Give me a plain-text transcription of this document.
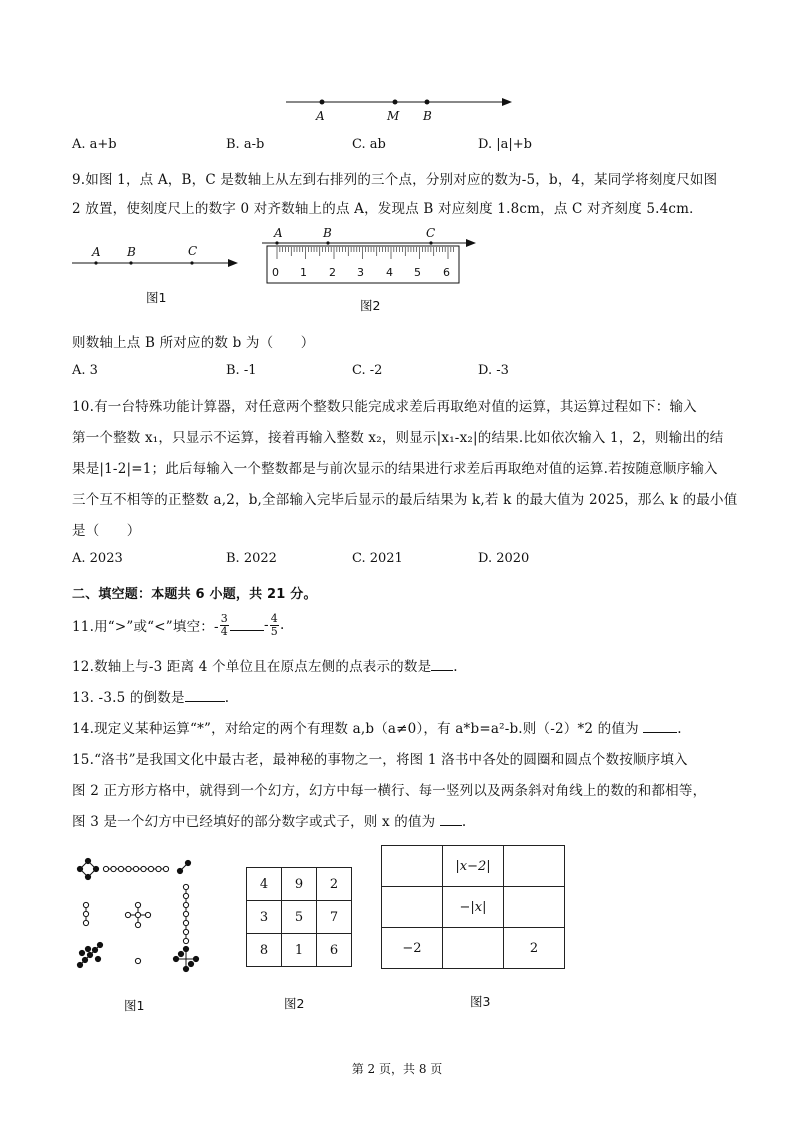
A	M B
A. a+b	B. a-b	C. ab	D. |a|+b
9.如图 1，点 A，B，C 是数轴上从左到右排列的三个点，分别对应的数为-5，b，4，某同学将刻度尺如图
2 放置，使刻度尺上的数字 0 对齐数轴上的点 A，发现点 B 对应刻度 1.8cm，点 C 对齐刻度 5.4cm．
A B	C
图1
A	B	C
0 1 2 3 4 5 6
图2
则数轴上点 B 所对应的数 b 为（　　）
A. 3	B. -1	C. -2	D. -3
10.有一台特殊功能计算器，对任意两个整数只能完成求差后再取绝对值的运算，其运算过程如下：输入
第一个整数 x₁，只显示不运算，接着再输入整数 x₂，则显示|x₁-x₂|的结果.比如依次输入 1，2，则输出的结
果是|1-2|=1；此后每输入一个整数都是与前次显示的结果进行求差后再取绝对值的运算.若按随意顺序输入
三个互不相等的正整数 a,2，b,全部输入完毕后显示的最后结果为 k,若 k 的最大值为 2025，那么 k 的最小值
是（　　）
A. 2023	B. 2022	C. 2021	D. 2020
二、填空题：本题共 6 小题，共 21 分。
11.用“>”或“<”填空：- $\frac{3}{4}$	- $\frac{4}{5}$ .
12.数轴上与-3 距离 4 个单位且在原点左侧的点表示的数是 .
13. -3.5 的倒数是	.
14.现定义某种运算“*”，对给定的两个有理数 a,b（a≠0），有 a*b=a²-b.则（-2）*2 的值为	.
15.“洛书”是我国文化中最古老，最神秘的事物之一，将图 1 洛书中各处的圆圈和圆点个数按顺序填入
图 2 正方形方格中，就得到一个幻方，幻方中每一横行、每一竖列以及两条斜对角线上的数的和都相等，
图 3 是一个幻方中已经填好的部分数字或式子，则 x 的值为 .
图1
4	9	2
3	5	7
8	1	6
图2
	|x−2|	
	−|x|	
−2		2
图3
第 2 页，共 8 页
